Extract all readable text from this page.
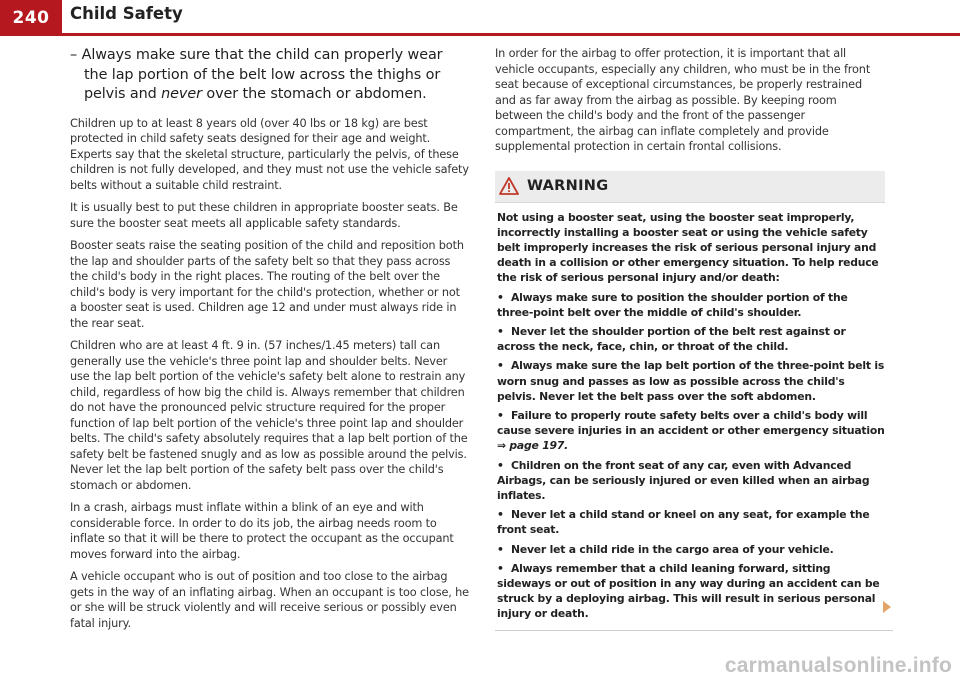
240	Child Safety
– Always make sure that the child can properly wear the lap portion of the belt low across the thighs or pelvis and never over the stomach or abdomen.

Children up to at least 8 years old (over 40 lbs or 18 kg) are best protected in child safety seats designed for their age and weight. Experts say that the skeletal structure, particularly the pelvis, of these children is not fully developed, and they must not use the vehicle safety belts without a suitable child restraint.

It is usually best to put these children in appropriate booster seats. Be sure the booster seat meets all applicable safety standards.

Booster seats raise the seating position of the child and reposition both the lap and shoulder parts of the safety belt so that they pass across the child's body in the right places. The routing of the belt over the child's body is very important for the child's protection, whether or not a booster seat is used. Children age 12 and under must always ride in the rear seat.

Children who are at least 4 ft. 9 in. (57 inches/1.45 meters) tall can generally use the vehicle's three point lap and shoulder belts. Never use the lap belt portion of the vehicle's safety belt alone to restrain any child, regardless of how big the child is. Always remember that children do not have the pronounced pelvic structure required for the proper function of lap belt portion of the vehicle's three point lap and shoulder belts. The child's safety absolutely requires that a lap belt portion of the safety belt be fastened snugly and as low as possible around the pelvis. Never let the lap belt portion of the safety belt pass over the child's stomach or abdomen.

In a crash, airbags must inflate within a blink of an eye and with considerable force. In order to do its job, the airbag needs room to inflate so that it will be there to protect the occupant as the occupant moves forward into the airbag.

A vehicle occupant who is out of position and too close to the airbag gets in the way of an inflating airbag. When an occupant is too close, he or she will be struck violently and will receive serious or possibly even fatal injury.

In order for the airbag to offer protection, it is important that all vehicle occupants, especially any children, who must be in the front seat because of exceptional circumstances, be properly restrained and as far away from the airbag as possible. By keeping room between the child's body and the front of the passenger compartment, the airbag can inflate completely and provide supplemental protection in certain frontal collisions.

WARNING

Not using a booster seat, using the booster seat improperly, incorrectly installing a booster seat or using the vehicle safety belt improperly increases the risk of serious personal injury and death in a collision or other emergency situation. To help reduce the risk of serious personal injury and/or death:

• Always make sure to position the shoulder portion of the three-point belt over the middle of child's shoulder.

• Never let the shoulder portion of the belt rest against or across the neck, face, chin, or throat of the child.

• Always make sure the lap belt portion of the three-point belt is worn snug and passes as low as possible across the child's pelvis. Never let the belt pass over the soft abdomen.

• Failure to properly route safety belts over a child's body will cause severe injuries in an accident or other emergency situation
⇒ page 197.

• Children on the front seat of any car, even with Advanced Airbags, can be seriously injured or even killed when an airbag inflates.

• Never let a child stand or kneel on any seat, for example the front seat.

• Never let a child ride in the cargo area of your vehicle.

• Always remember that a child leaning forward, sitting sideways or out of position in any way during an accident can be struck by a deploying airbag. This will result in serious personal injury or death.

carmanualsonline.info
